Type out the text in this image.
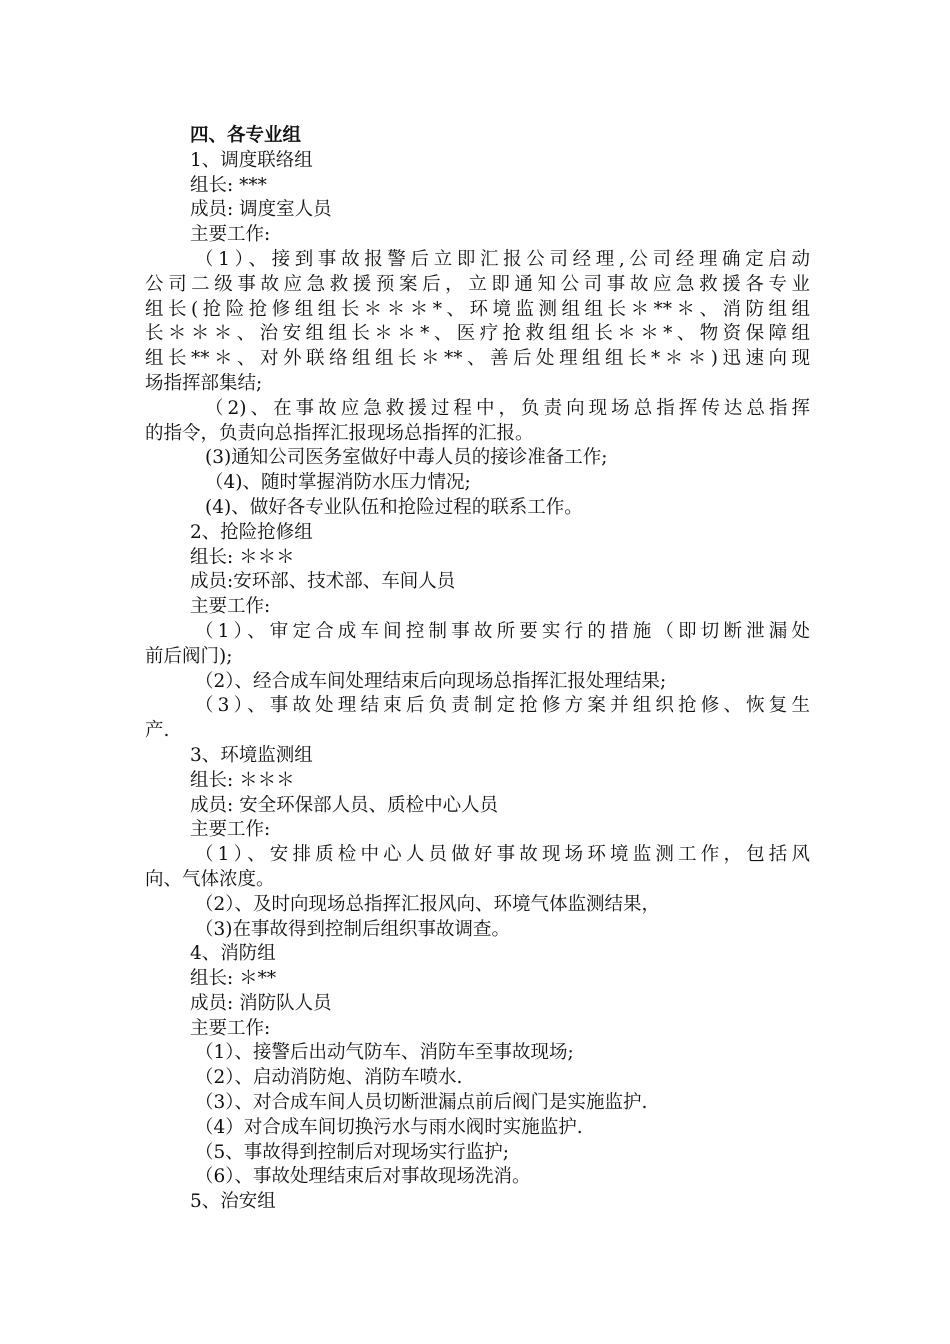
四、各专业组
1、调度联络组
组长: ***
成员: 调度室人员
主要工作:
（1）、接到事故报警后立即汇报公司经理,公司经理确定启动
公司二级事故应急救援预案后，立即通知公司事故应急救援各专业
组长(抢险抢修组组长＊＊＊*、环境监测组组长＊**＊、消防组组
长＊＊＊、治安组组长＊＊*、医疗抢救组组长＊＊*、物资保障组
组长**＊、对外联络组组长＊**、善后处理组组长*＊＊)迅速向现
场指挥部集结;
（2)、在事故应急救援过程中，负责向现场总指挥传达总指挥
的指令，负责向总指挥汇报现场总指挥的汇报。
(3)通知公司医务室做好中毒人员的接诊准备工作;
（4)、随时掌握消防水压力情况;
(4)、做好各专业队伍和抢险过程的联系工作。
2、抢险抢修组
组长: ＊＊＊
成员:安环部、技术部、车间人员
主要工作:
（1）、审定合成车间控制事故所要实行的措施（即切断泄漏处
前后阀门);
（2）、经合成车间处理结束后向现场总指挥汇报处理结果;
（3）、事故处理结束后负责制定抢修方案并组织抢修、恢复生
产.
3、环境监测组
组长: ＊＊＊
成员: 安全环保部人员、质检中心人员
主要工作:
（1）、安排质检中心人员做好事故现场环境监测工作，包括风
向、气体浓度。
（2）、及时向现场总指挥汇报风向、环境气体监测结果，
（3)在事故得到控制后组织事故调查。
4、消防组
组长: ＊**
成员: 消防队人员
主要工作:
（1）、接警后出动气防车、消防车至事故现场;
（2）、启动消防炮、消防车喷水.
（3）、对合成车间人员切断泄漏点前后阀门是实施监护.
（4）对合成车间切换污水与雨水阀时实施监护.
（5、事故得到控制后对现场实行监护;
（6）、事故处理结束后对事故现场洗消。
5、治安组
